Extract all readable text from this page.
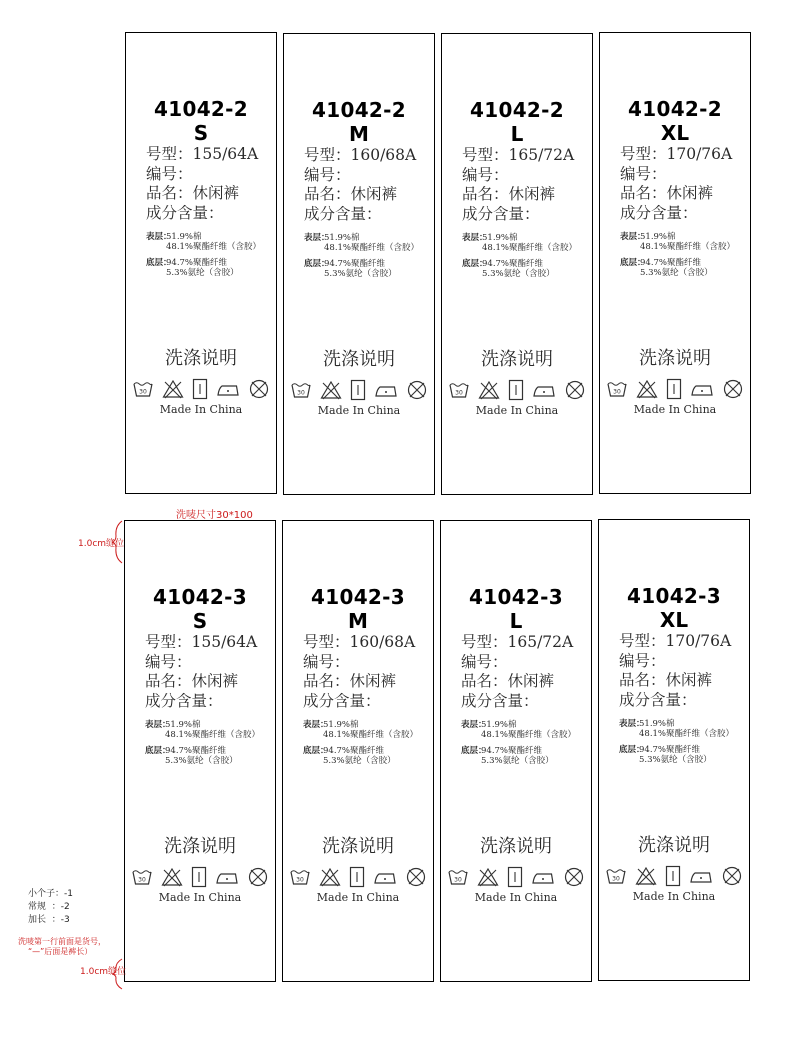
41042-2
S
号型：155/64A
编号：
品名：休闲裤
成分含量：
表层：51.9%棉
48.1%聚酯纤维（含胶）
底层：94.7%聚酯纤维
5.3%氨纶（含胶）
洗涤说明
30
Made In China
41042-2
M
号型：160/68A
编号：
品名：休闲裤
成分含量：
表层：51.9%棉
48.1%聚酯纤维（含胶）
底层：94.7%聚酯纤维
5.3%氨纶（含胶）
洗涤说明
30
Made In China
41042-2
L
号型：165/72A
编号：
品名：休闲裤
成分含量：
表层：51.9%棉
48.1%聚酯纤维（含胶）
底层：94.7%聚酯纤维
5.3%氨纶（含胶）
洗涤说明
30
Made In China
41042-2
XL
号型：170/76A
编号：
品名：休闲裤
成分含量：
表层：51.9%棉
48.1%聚酯纤维（含胶）
底层：94.7%聚酯纤维
5.3%氨纶（含胶）
洗涤说明
30
Made In China
41042-3
S
号型：155/64A
编号：
品名：休闲裤
成分含量：
表层：51.9%棉
48.1%聚酯纤维（含胶）
底层：94.7%聚酯纤维
5.3%氨纶（含胶）
洗涤说明
30
Made In China
41042-3
M
号型：160/68A
编号：
品名：休闲裤
成分含量：
表层：51.9%棉
48.1%聚酯纤维（含胶）
底层：94.7%聚酯纤维
5.3%氨纶（含胶）
洗涤说明
30
Made In China
41042-3
L
号型：165/72A
编号：
品名：休闲裤
成分含量：
表层：51.9%棉
48.1%聚酯纤维（含胶）
底层：94.7%聚酯纤维
5.3%氨纶（含胶）
洗涤说明
30
Made In China
41042-3
XL
号型：170/76A
编号：
品名：休闲裤
成分含量：
表层：51.9%棉
48.1%聚酯纤维（含胶）
底层：94.7%聚酯纤维
5.3%氨纶（含胶）
洗涤说明
30
Made In China
洗唛尺寸30*100
1.0cm缝位
小个子：-1
常规  ：-2
加长  ：-3
洗唛第一行前面是货号，
“—”后面是裤长）
1.0cm缝位
